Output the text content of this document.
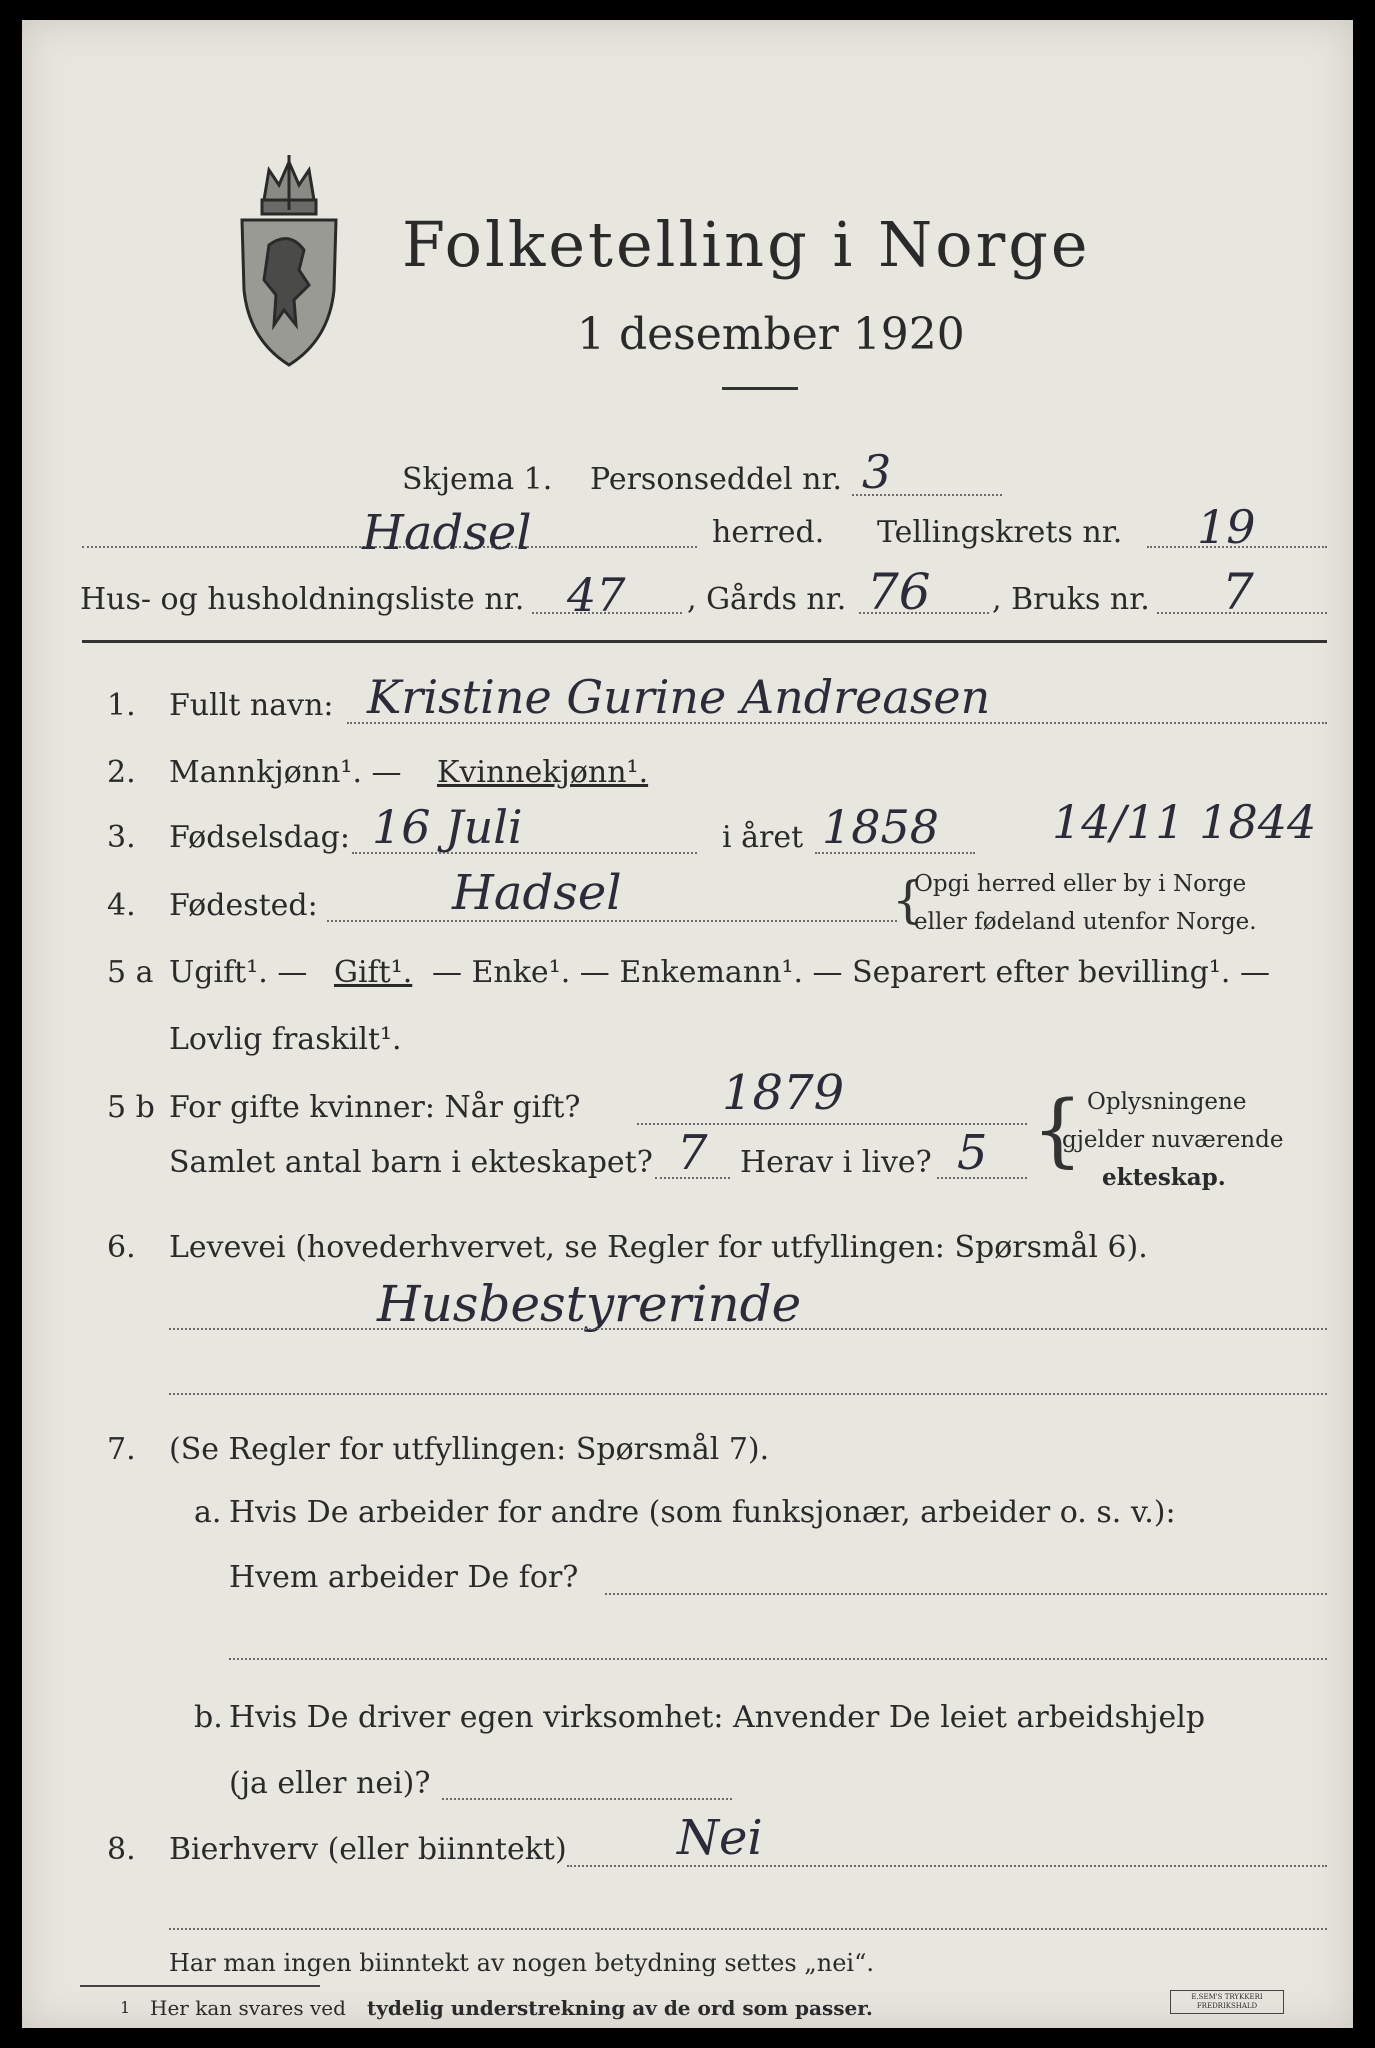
Folketelling i Norge
1 desember 1920
Skjema 1. Personseddel nr. 3
Hadsel	herred. Tellingskrets nr. 19
Hus- og husholdningsliste nr. 47 , Gårds nr. 76 , Bruks nr. 7
1. Fullt navn: Kristine Gurine Andreasen
2. Mannkjønn¹. — Kvinnekjønn¹.
3. Fødselsdag: 16 Juli	i året 1858 14/11 1844
4. Fødested:	Hadsel	{
Opgi herred eller by i Norge
eller fødeland utenfor Norge.
5 a Ugift¹. — Gift¹. — Enke¹. — Enkemann¹. — Separert efter bevilling¹. —
Lovlig fraskilt¹.
5 b For gifte kvinner: Når gift?	1879
Samlet antal barn i ekteskapet? 7 Herav i live? 5 { Oplysningene
gjelder nuværende
ekteskap.
6. Levevei (hovederhvervet, se Regler for utfyllingen: Spørsmål 6).
Husbestyrerinde
7. (Se Regler for utfyllingen: Spørsmål 7).
a. Hvis De arbeider for andre (som funksjonær, arbeider o. s. v.):
Hvem arbeider De for?
b. Hvis De driver egen virksomhet: Anvender De leiet arbeidshjelp
(ja eller nei)?
8. Bierhverv (eller biinntekt) Nei
Har man ingen biinntekt av nogen betydning settes „nei“.
1 Her kan svares ved tydelig understrekning av de ord som passer.	E.SEM'S TRYKKERI FREDRIKSHALD
